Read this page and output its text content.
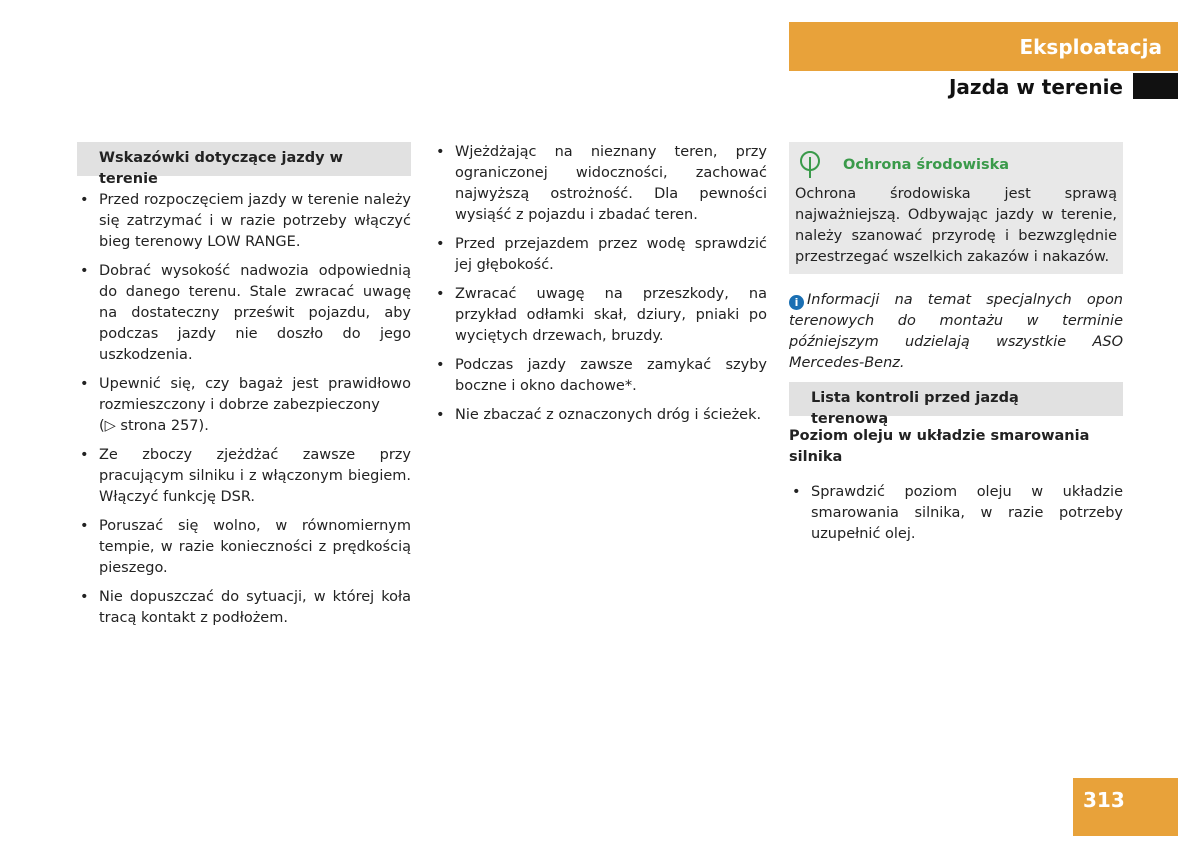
Eksploatacja
Jazda w terenie
Wskazówki dotyczące jazdy w terenie
• Przed rozpoczęciem jazdy w terenie należy się zatrzymać i w razie potrzeby włączyć bieg terenowy LOW RANGE.
• Dobrać wysokość nadwozia odpowiednią do danego terenu. Stale zwracać uwagę na dostateczny prześwit pojazdu, aby podczas jazdy nie doszło do jego uszkodzenia.
• Upewnić się, czy bagaż jest prawidłowo rozmieszczony i dobrze zabezpieczony
(▷ strona 257).
• Ze zboczy zjeżdżać zawsze przy pracującym silniku i z włączonym biegiem. Włączyć funkcję DSR.
• Poruszać się wolno, w równomiernym tempie, w razie konieczności z prędkością pieszego.
• Nie dopuszczać do sytuacji, w której koła tracą kontakt z podłożem.
• Wjeżdżając na nieznany teren, przy ograniczonej widoczności, zachować najwyższą ostrożność. Dla pewności wysiąść z pojazdu i zbadać teren.
• Przed przejazdem przez wodę sprawdzić jej głębokość.
• Zwracać uwagę na przeszkody, na przykład odłamki skał, dziury, pniaki po wyciętych drzewach, bruzdy.
• Podczas jazdy zawsze zamykać szyby boczne i okno dachowe*.
• Nie zbaczać z oznaczonych dróg i ścieżek.
Ochrona środowiska
Ochrona środowiska jest sprawą najważniejszą. Odbywając jazdy w terenie, należy szanować przyrodę i bezwzględnie przestrzegać wszelkich zakazów i nakazów.
i Informacji na temat specjalnych opon terenowych do montażu w terminie późniejszym udzielają wszystkie ASO Mercedes-Benz.
Lista kontroli przed jazdą terenową
Poziom oleju w układzie smarowania silnika
• Sprawdzić poziom oleju w układzie smarowania silnika, w razie potrzeby uzupełnić olej.
313
